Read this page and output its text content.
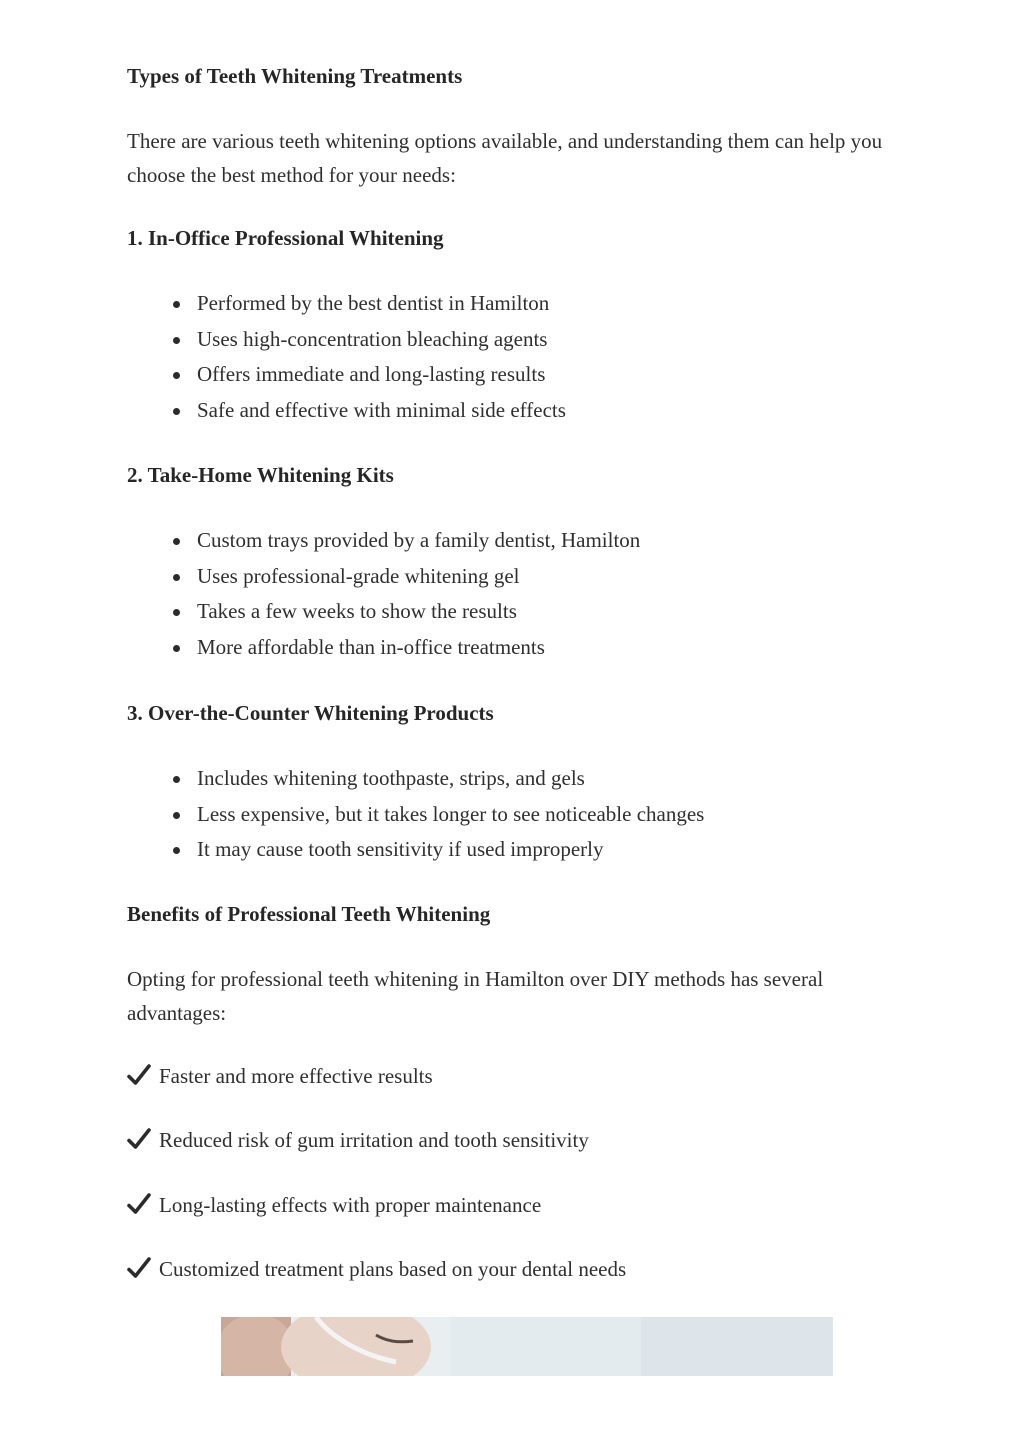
Types of Teeth Whitening Treatments
There are various teeth whitening options available, and understanding them can help you choose the best method for your needs:
1. In-Office Professional Whitening
Performed by the best dentist in Hamilton
Uses high-concentration bleaching agents
Offers immediate and long-lasting results
Safe and effective with minimal side effects
2. Take-Home Whitening Kits
Custom trays provided by a family dentist, Hamilton
Uses professional-grade whitening gel
Takes a few weeks to show the results
More affordable than in-office treatments
3. Over-the-Counter Whitening Products
Includes whitening toothpaste, strips, and gels
Less expensive, but it takes longer to see noticeable changes
It may cause tooth sensitivity if used improperly
Benefits of Professional Teeth Whitening
Opting for professional teeth whitening in Hamilton over DIY methods has several advantages:
Faster and more effective results
Reduced risk of gum irritation and tooth sensitivity
Long-lasting effects with proper maintenance
Customized treatment plans based on your dental needs
